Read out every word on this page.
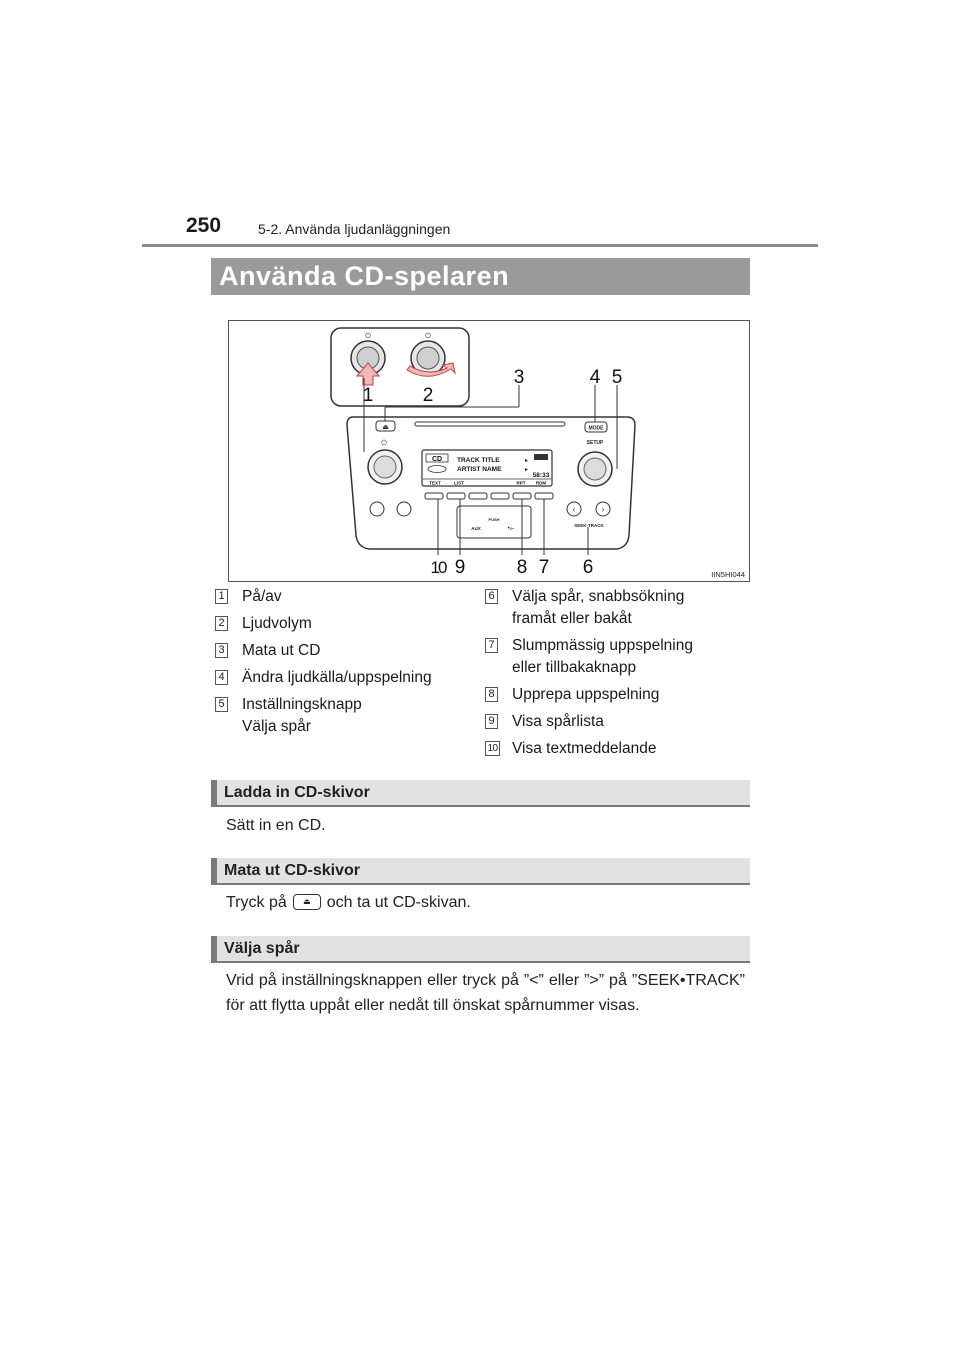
250	5-2. Använda ljudanläggningen
Använda CD-spelaren
⏻	⏻
⏏	MODE
⏻	SETUP
CD TRACK TITLE
ARTIST NAME
▸
▸
58:33
TEXT	LIST	RPT RDM
‹	›
SEEK·TRACK
PUSH
AUX	•⟜
1	2
3	4 5
6
7
8
9
10	IIN5HI044
1 På/av
2 Ljudvolym
3 Mata ut CD
4 Ändra ljudkälla/uppspelning
5 Inställningsknapp
Välja spår
6 Välja spår, snabbsökning
framåt eller bakåt
7 Slumpmässig uppspelning
eller tillbakaknapp
8 Upprepa uppspelning
9 Visa spårlista
10 Visa textmeddelande
Ladda in CD-skivor
Sätt in en CD.
Mata ut CD-skivor
Tryck på ⏏ och ta ut CD-skivan.
Välja spår
Vrid på inställningsknappen eller tryck på ”<” eller ”>” på ”SEEK•TRACK” för att flytta uppåt eller nedåt till önskat spårnummer visas.
